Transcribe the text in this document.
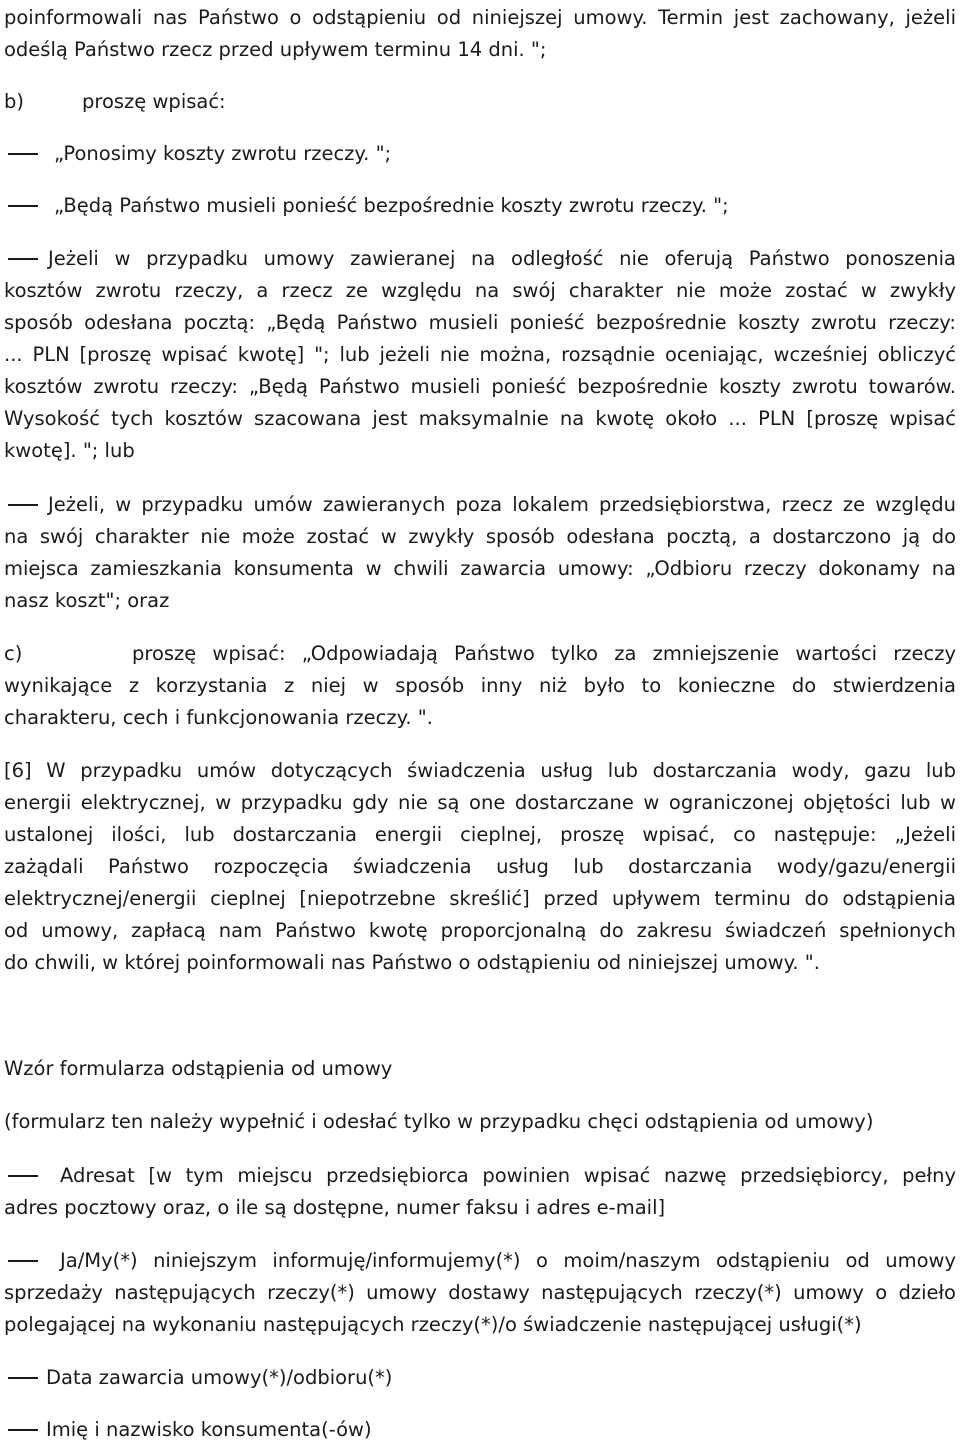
poinformowali nas Państwo o odstąpieniu od niniejszej umowy. Termin jest zachowany, jeżeli
odeślą Państwo rzecz przed upływem terminu 14 dni. ";
b)	proszę wpisać:
„Ponosimy koszty zwrotu rzeczy. ";
„Będą Państwo musieli ponieść bezpośrednie koszty zwrotu rzeczy. ";
Jeżeli w przypadku umowy zawieranej na odległość nie oferują Państwo ponoszenia
kosztów zwrotu rzeczy, a rzecz ze względu na swój charakter nie może zostać w zwykły
sposób odesłana pocztą: „Będą Państwo musieli ponieść bezpośrednie koszty zwrotu rzeczy:
... PLN [proszę wpisać kwotę] "; lub jeżeli nie można, rozsądnie oceniając, wcześniej obliczyć
kosztów zwrotu rzeczy: „Będą Państwo musieli ponieść bezpośrednie koszty zwrotu towarów.
Wysokość tych kosztów szacowana jest maksymalnie na kwotę około ... PLN [proszę wpisać
kwotę]. "; lub
Jeżeli, w przypadku umów zawieranych poza lokalem przedsiębiorstwa, rzecz ze względu
na swój charakter nie może zostać w zwykły sposób odesłana pocztą, a dostarczono ją do
miejsca zamieszkania konsumenta w chwili zawarcia umowy: „Odbioru rzeczy dokonamy na
nasz koszt"; oraz
c)	proszę wpisać: „Odpowiadają Państwo tylko za zmniejszenie wartości rzeczy
wynikające z korzystania z niej w sposób inny niż było to konieczne do stwierdzenia
charakteru, cech i funkcjonowania rzeczy. ".
[6] W przypadku umów dotyczących świadczenia usług lub dostarczania wody, gazu lub
energii elektrycznej, w przypadku gdy nie są one dostarczane w ograniczonej objętości lub w
ustalonej ilości, lub dostarczania energii cieplnej, proszę wpisać, co następuje: „Jeżeli
zażądali Państwo rozpoczęcia świadczenia usług lub dostarczania wody/gazu/energii
elektrycznej/energii cieplnej [niepotrzebne skreślić] przed upływem terminu do odstąpienia
od umowy, zapłacą nam Państwo kwotę proporcjonalną do zakresu świadczeń spełnionych
do chwili, w której poinformowali nas Państwo o odstąpieniu od niniejszej umowy. ".
Wzór formularza odstąpienia od umowy
(formularz ten należy wypełnić i odesłać tylko w przypadku chęci odstąpienia od umowy)
Adresat [w tym miejscu przedsiębiorca powinien wpisać nazwę przedsiębiorcy, pełny
adres pocztowy oraz, o ile są dostępne, numer faksu i adres e-mail]
Ja/My(*) niniejszym informuję/informujemy(*) o moim/naszym odstąpieniu od umowy
sprzedaży następujących rzeczy(*) umowy dostawy następujących rzeczy(*) umowy o dzieło
polegającej na wykonaniu następujących rzeczy(*)/o świadczenie następującej usługi(*)
Data zawarcia umowy(*)/odbioru(*)
Imię i nazwisko konsumenta(-ów)
